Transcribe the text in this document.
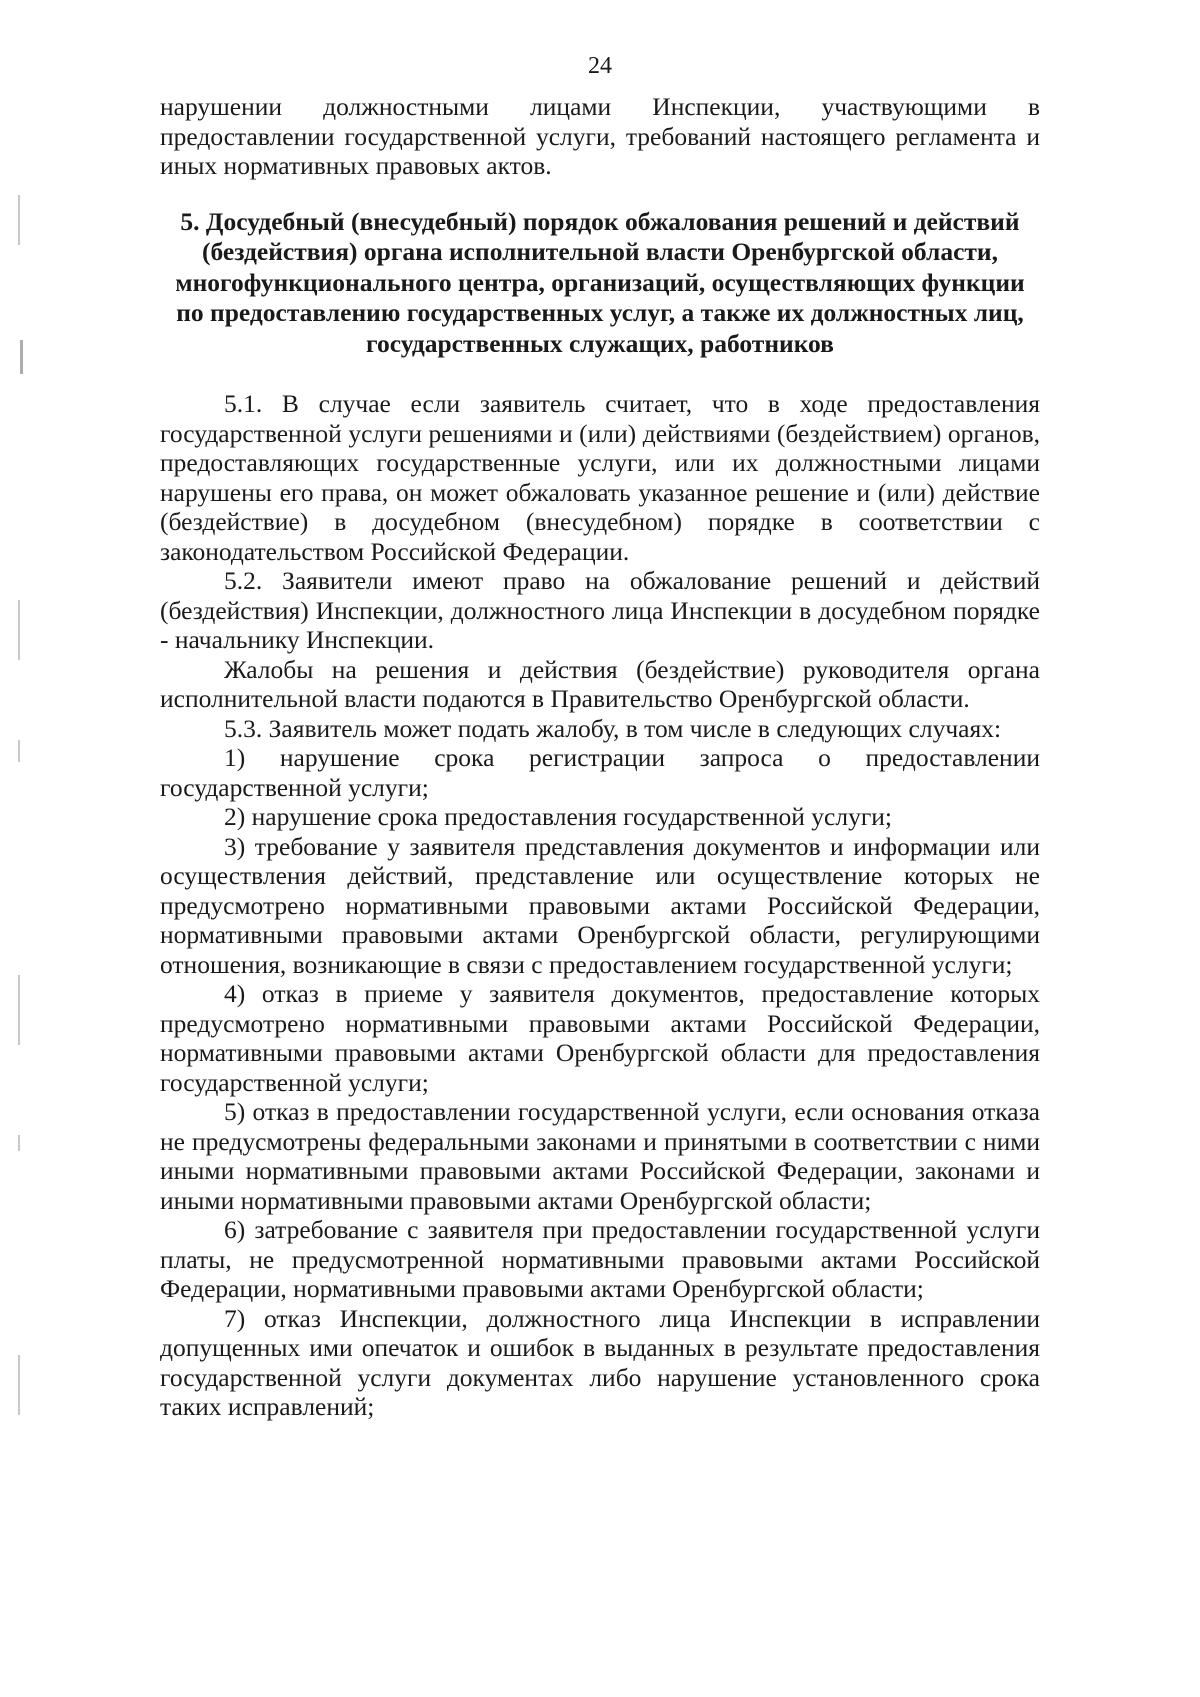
24

нарушении должностными лицами Инспекции, участвующими в предоставлении государственной услуги, требований настоящего регламента и иных нормативных правовых актов.

5. Досудебный (внесудебный) порядок обжалования решений и действий (бездействия) органа исполнительной власти Оренбургской области, многофункционального центра, организаций, осуществляющих функции по предоставлению государственных услуг, а также их должностных лиц, государственных служащих, работников

5.1. В случае если заявитель считает, что в ходе предоставления государственной услуги решениями и (или) действиями (бездействием) органов, предоставляющих государственные услуги, или их должностными лицами нарушены его права, он может обжаловать указанное решение и (или) действие (бездействие) в досудебном (внесудебном) порядке в соответствии с законодательством Российской Федерации.

5.2. Заявители имеют право на обжалование решений и действий (бездействия) Инспекции, должностного лица Инспекции в досудебном порядке - начальнику Инспекции.

Жалобы на решения и действия (бездействие) руководителя органа исполнительной власти подаются в Правительство Оренбургской области.

5.3. Заявитель может подать жалобу, в том числе в следующих случаях:

1) нарушение срока регистрации запроса о предоставлении государственной услуги;

2) нарушение срока предоставления государственной услуги;

3) требование у заявителя представления документов и информации или осуществления действий, представление или осуществление которых не предусмотрено нормативными правовыми актами Российской Федерации, нормативными правовыми актами Оренбургской области, регулирующими отношения, возникающие в связи с предоставлением государственной услуги;

4) отказ в приеме у заявителя документов, предоставление которых предусмотрено нормативными правовыми актами Российской Федерации, нормативными правовыми актами Оренбургской области для предоставления государственной услуги;

5) отказ в предоставлении государственной услуги, если основания отказа не предусмотрены федеральными законами и принятыми в соответствии с ними иными нормативными правовыми актами Российской Федерации, законами и иными нормативными правовыми актами Оренбургской области;

6) затребование с заявителя при предоставлении государственной услуги платы, не предусмотренной нормативными правовыми актами Российской Федерации, нормативными правовыми актами Оренбургской области;

7) отказ Инспекции, должностного лица Инспекции в исправлении допущенных ими опечаток и ошибок в выданных в результате предоставления государственной услуги документах либо нарушение установленного срока таких исправлений;
